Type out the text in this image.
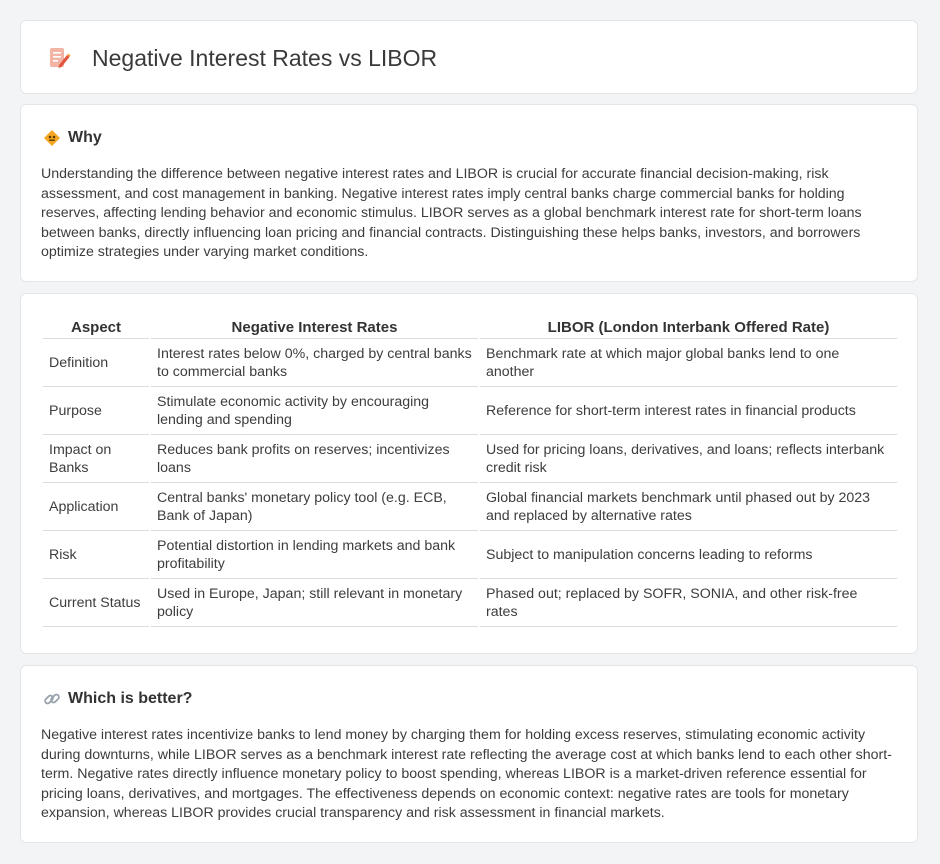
Negative Interest Rates vs LIBOR
Why

Understanding the difference between negative interest rates and LIBOR is crucial for accurate financial decision-making, risk assessment, and cost management in banking. Negative interest rates imply central banks charge commercial banks for holding reserves, affecting lending behavior and economic stimulus. LIBOR serves as a global benchmark interest rate for short-term loans between banks, directly influencing loan pricing and financial contracts. Distinguishing these helps banks, investors, and borrowers optimize strategies under varying market conditions.

Aspect	Negative Interest Rates	LIBOR (London Interbank Offered Rate)
Definition	Interest rates below 0%, charged by central banks to commercial banks	Benchmark rate at which major global banks lend to one another
Purpose	Stimulate economic activity by encouraging lending and spending	Reference for short-term interest rates in financial products
Impact on Banks	Reduces bank profits on reserves; incentivizes loans	Used for pricing loans, derivatives, and loans; reflects interbank credit risk
Application	Central banks' monetary policy tool (e.g. ECB, Bank of Japan)	Global financial markets benchmark until phased out by 2023 and replaced by alternative rates
Risk	Potential distortion in lending markets and bank profitability	Subject to manipulation concerns leading to reforms
Current Status	Used in Europe, Japan; still relevant in monetary policy	Phased out; replaced by SOFR, SONIA, and other risk-free rates
Which is better?

Negative interest rates incentivize banks to lend money by charging them for holding excess reserves, stimulating economic activity during downturns, while LIBOR serves as a benchmark interest rate reflecting the average cost at which banks lend to each other short-term. Negative rates directly influence monetary policy to boost spending, whereas LIBOR is a market-driven reference essential for pricing loans, derivatives, and mortgages. The effectiveness depends on economic context: negative rates are tools for monetary expansion, whereas LIBOR provides crucial transparency and risk assessment in financial markets.
